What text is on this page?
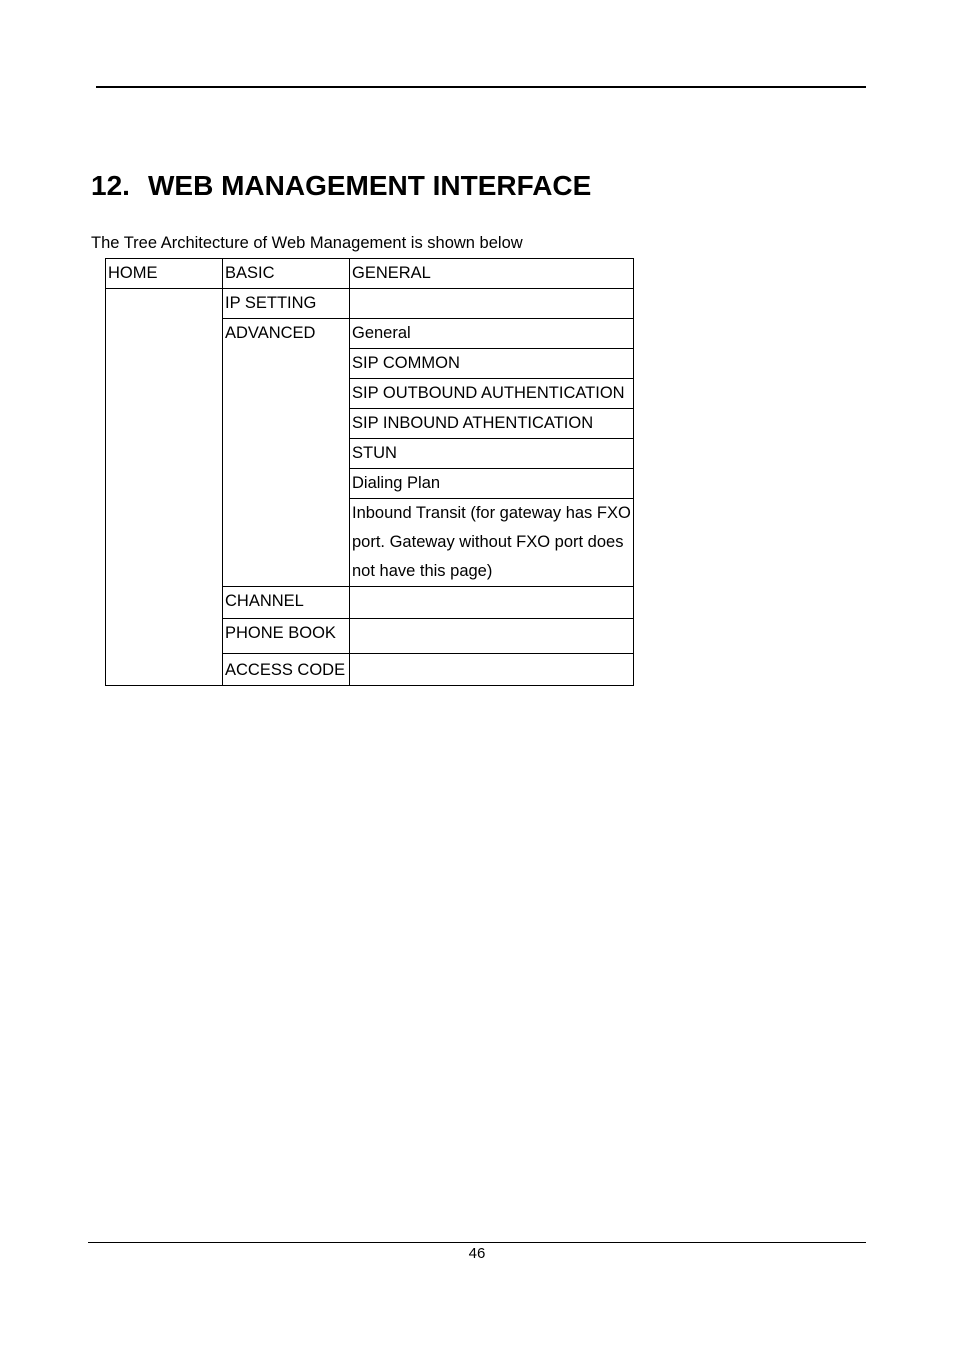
12. WEB MANAGEMENT INTERFACE
The Tree Architecture of Web Management is shown below
HOME	BASIC	GENERAL
	IP SETTING	
	ADVANCED	General
		SIP COMMON
		SIP OUTBOUND AUTHENTICATION
		SIP INBOUND ATHENTICATION
		STUN
		Dialing Plan
		Inbound Transit (for gateway has FXO port. Gateway without FXO port does not have this page)
	CHANNEL	
	PHONE BOOK	
	ACCESS CODE	
46
